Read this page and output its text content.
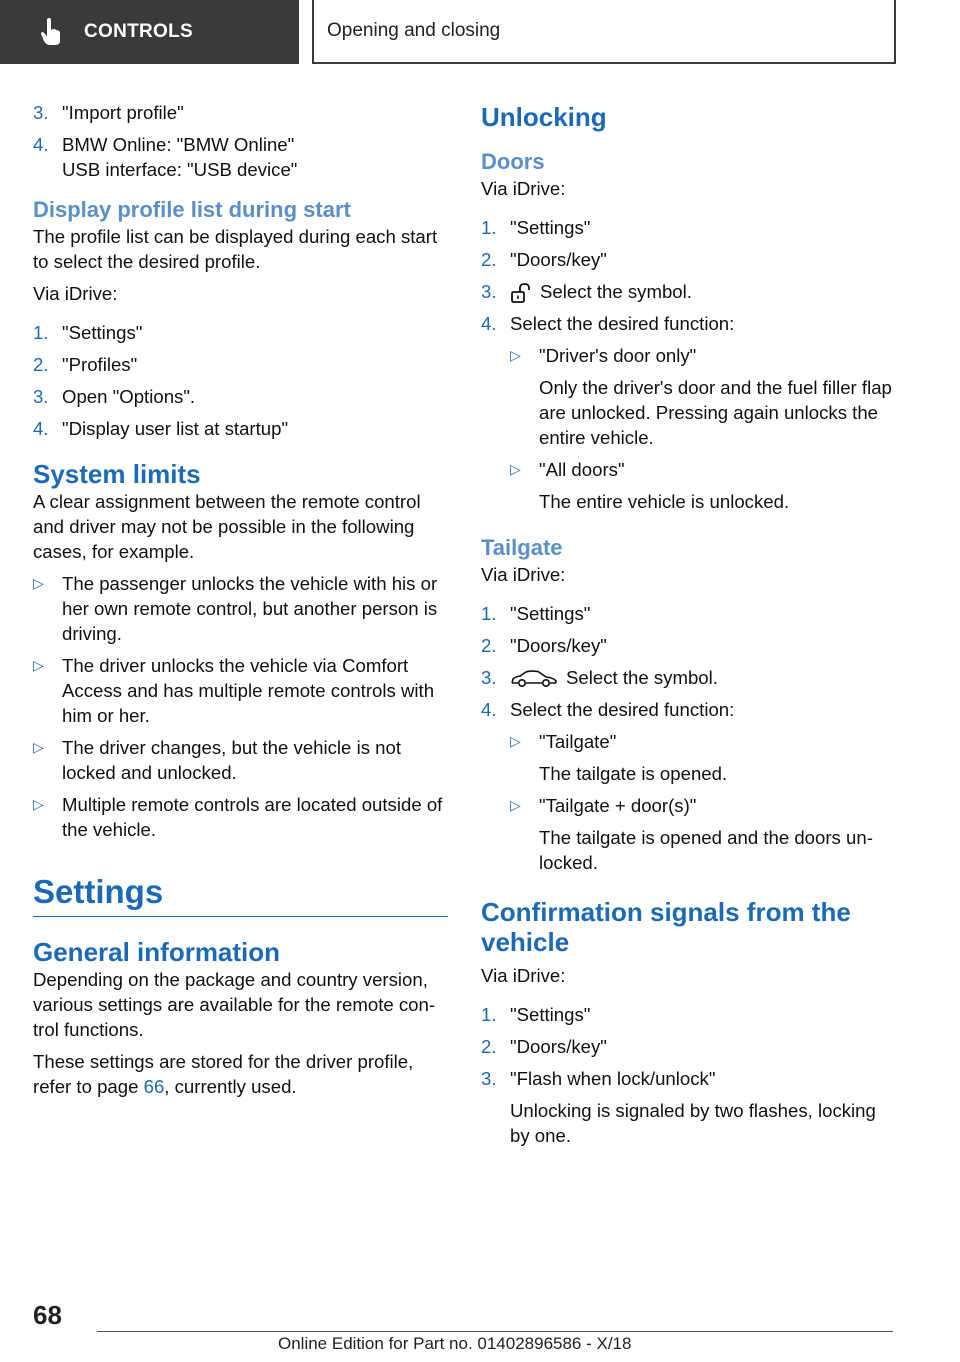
CONTROLS	Opening and closing
3. "Import profile"
4. BMW Online: "BMW Online"
USB interface: "USB device"
Display profile list during start

The profile list can be displayed during each start to select the desired profile.

Via iDrive:

1. "Settings"
2. "Profiles"
3. Open "Options".
4. "Display user list at startup"
System limits

A clear assignment between the remote control and driver may not be possible in the following cases, for example.

▷ The passenger unlocks the vehicle with his or her own remote control, but another person is driving.
▷ The driver unlocks the vehicle via Comfort Access and has multiple remote controls with him or her.
▷ The driver changes, but the vehicle is not locked and unlocked.
▷ Multiple remote controls are located outside of the vehicle.
Settings
General information

Depending on the package and country version, various settings are available for the remote con‐trol functions.

These settings are stored for the driver profile, refer to page 66, currently used.

Unlocking
Doors

Via iDrive:

1. "Settings"
2. "Doors/key"
3.	Select the symbol.
4. Select the desired function:
▷ "Driver's door only"
Only the driver's door and the fuel filler flap are unlocked. Pressing again unlocks the entire vehicle.
▷ "All doors"
The entire vehicle is unlocked.
Tailgate

Via iDrive:

1. "Settings"
2. "Doors/key"
3.	Select the symbol.
4. Select the desired function:
▷ "Tailgate"
The tailgate is opened.
▷ "Tailgate + door(s)"
The tailgate is opened and the doors un‐locked.
Confirmation signals from the vehicle

Via iDrive:

1. "Settings"
2. "Doors/key"
3. "Flash when lock/unlock"
Unlocking is signaled by two flashes, locking by one.
68
Online Edition for Part no. 01402896586 - X/18
